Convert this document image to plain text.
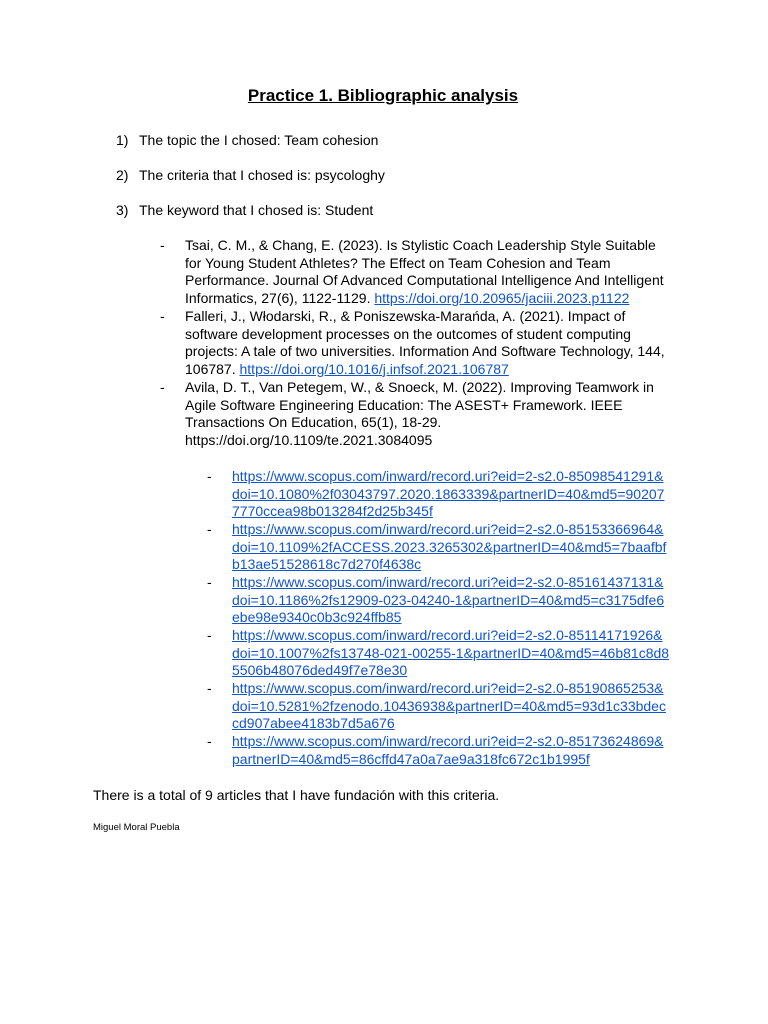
Practice 1. Bibliographic analysis
1) The topic the I chosed: Team cohesion
2) The criteria that I chosed is: psycologhy
3) The keyword that I chosed is: Student
- Tsai, C. M., & Chang, E. (2023). Is Stylistic Coach Leadership Style Suitable
for Young Student Athletes? The Effect on Team Cohesion and Team
Performance. Journal Of Advanced Computational Intelligence And Intelligent
Informatics, 27(6), 1122-1129. https://doi.org/10.20965/jaciii.2023.p1122
- Falleri, J., Włodarski, R., & Poniszewska-Marańda, A. (2021). Impact of
software development processes on the outcomes of student computing
projects: A tale of two universities. Information And Software Technology, 144,
106787. https://doi.org/10.1016/j.infsof.2021.106787
- Avila, D. T., Van Petegem, W., & Snoeck, M. (2022). Improving Teamwork in
Agile Software Engineering Education: The ASEST+ Framework. IEEE
Transactions On Education, 65(1), 18-29.
https://doi.org/10.1109/te.2021.3084095
- https://www.scopus.com/inward/record.uri?eid=2-s2.0-85098541291&
doi=10.1080%2f03043797.2020.1863339&partnerID=40&md5=90207
7770ccea98b013284f2d25b345f
- https://www.scopus.com/inward/record.uri?eid=2-s2.0-85153366964&
doi=10.1109%2fACCESS.2023.3265302&partnerID=40&md5=7baafbf
b13ae51528618c7d270f4638c
- https://www.scopus.com/inward/record.uri?eid=2-s2.0-85161437131&
doi=10.1186%2fs12909-023-04240-1&partnerID=40&md5=c3175dfe6
ebe98e9340c0b3c924ffb85
- https://www.scopus.com/inward/record.uri?eid=2-s2.0-85114171926&
doi=10.1007%2fs13748-021-00255-1&partnerID=40&md5=46b81c8d8
5506b48076ded49f7e78e30
- https://www.scopus.com/inward/record.uri?eid=2-s2.0-85190865253&
doi=10.5281%2fzenodo.10436938&partnerID=40&md5=93d1c33bdec
cd907abee4183b7d5a676
- https://www.scopus.com/inward/record.uri?eid=2-s2.0-85173624869&
partnerID=40&md5=86cffd47a0a7ae9a318fc672c1b1995f
There is a total of 9 articles that I have fundación with this criteria.
Miguel Moral Puebla
